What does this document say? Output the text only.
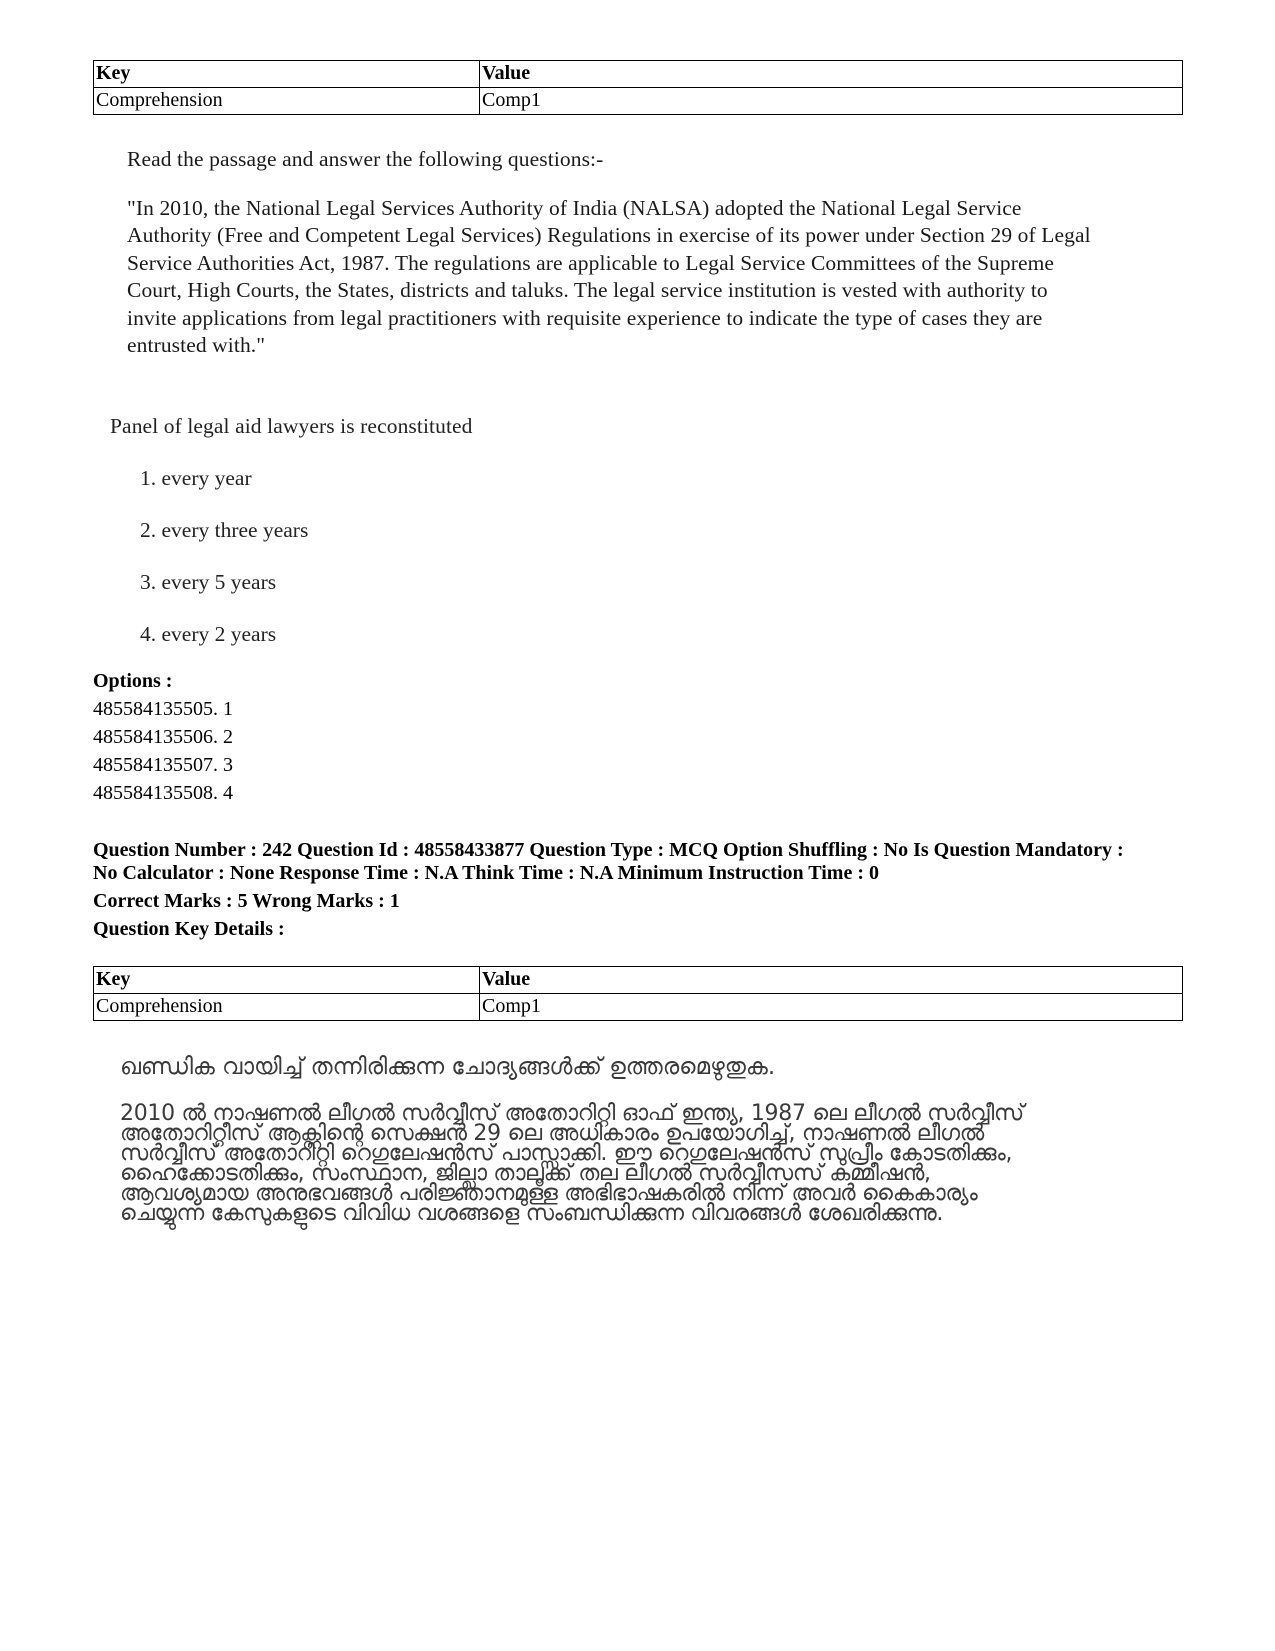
Key	Value
Comprehension	Comp1

Read the passage and answer the following questions:-

"In 2010, the National Legal Services Authority of India (NALSA) adopted the National Legal Service
Authority (Free and Competent Legal Services) Regulations in exercise of its power under Section 29 of Legal
Service Authorities Act, 1987. The regulations are applicable to Legal Service Committees of the Supreme
Court, High Courts, the States, districts and taluks. The legal service institution is vested with authority to
invite applications from legal practitioners with requisite experience to indicate the type of cases they are
entrusted with."
Panel of legal aid lawyers is reconstituted
1. every year
2. every three years
3. every 5 years
4. every 2 years
Options :
485584135505. 1
485584135506. 2
485584135507. 3
485584135508. 4
Question Number : 242 Question Id : 48558433877 Question Type : MCQ Option Shuffling : No Is Question Mandatory :
No Calculator : None Response Time : N.A Think Time : N.A Minimum Instruction Time : 0
Correct Marks : 5 Wrong Marks : 1
Question Key Details :
Key	Value
Comprehension	Comp1
ഖണ്ഡിക വായിച്ച് തന്നിരിക്കുന്ന ചോദ്യങ്ങൾക്ക് ഉത്തരമെഴുതുക.
2010 ൽ നാഷണൽ ലീഗൽ സർവ്വീസ് അതോറിറ്റി ഓഫ് ഇന്ത്യ, 1987 ലെ ലീഗൽ സർവ്വീസ്
അതോറിറ്റീസ് ആക്റ്റിന്റെ സെക്ഷൻ 29 ലെ അധികാരം ഉപയോഗിച്ച്, നാഷണൽ ലീഗൽ
സർവ്വീസ് അതോറിറ്റി റെഗുലേഷൻസ് പാസ്സാക്കി. ഈ റെഗുലേഷൻസ് സുപ്രീം കോടതിക്കും,
ഹൈക്കോടതിക്കും, സംസ്ഥാന, ജില്ലാ താലൂക്ക് തല ലീഗൽ സർവ്വീസസ് കമ്മീഷൻ,
ആവശ്യമായ അനുഭവങ്ങൾ പരിജ്ഞാനമുള്ള അഭിഭാഷകരിൽ നിന്ന് അവർ കൈകാര്യം
ചെയ്യുന്ന കേസുകളുടെ വിവിധ വശങ്ങളെ സംബന്ധിക്കുന്ന വിവരങ്ങൾ ശേഖരിക്കുന്നു.
